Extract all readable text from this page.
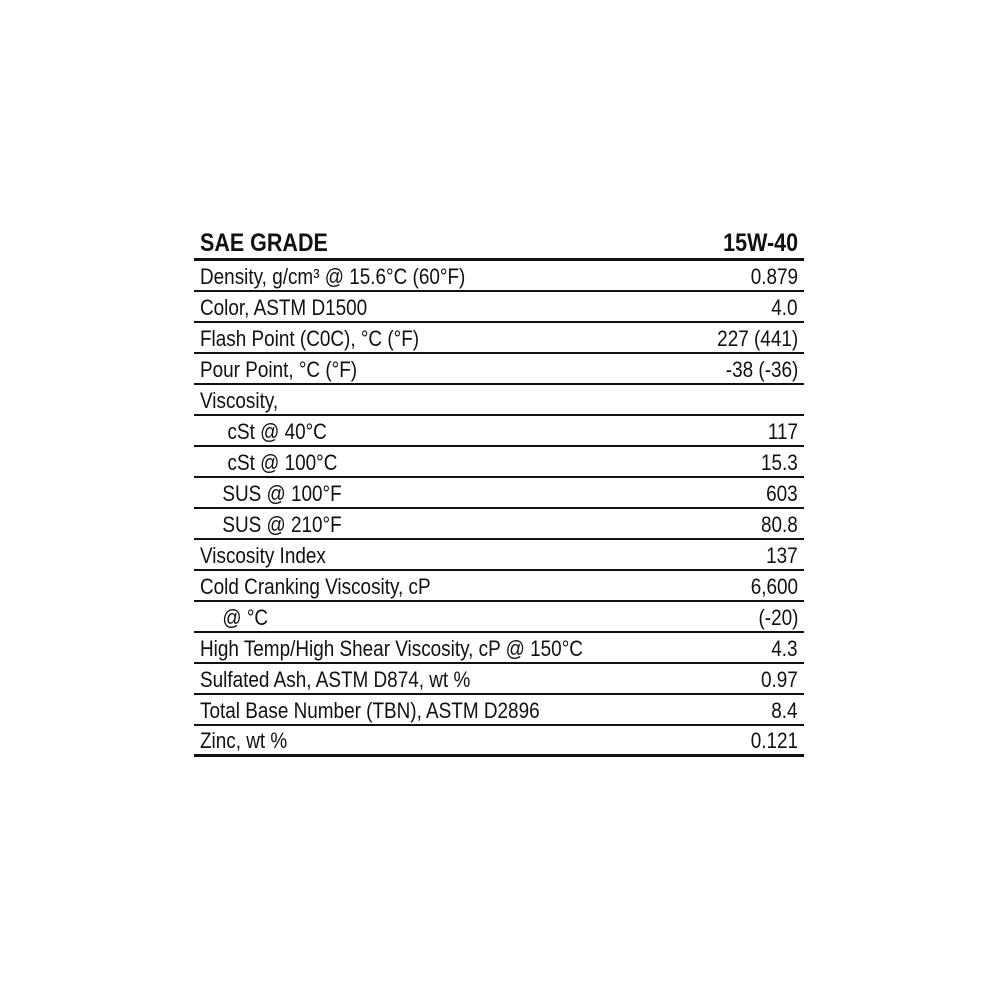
SAE GRADE	15W-40
Density, g/cm³ @ 15.6°C (60°F)	0.879
Color, ASTM D1500	4.0
Flash Point (C0C), °C (°F)	227 (441)
Pour Point, °C (°F)	-38 (-36)
Viscosity,
cSt @ 40°C	117
cSt @ 100°C	15.3
SUS @ 100°F	603
SUS @ 210°F	80.8
Viscosity Index	137
Cold Cranking Viscosity, cP	6,600
@ °C	(-20)
High Temp/High Shear Viscosity, cP @ 150°C	4.3
Sulfated Ash, ASTM D874, wt %	0.97
Total Base Number (TBN), ASTM D2896	8.4
Zinc, wt %	0.121
